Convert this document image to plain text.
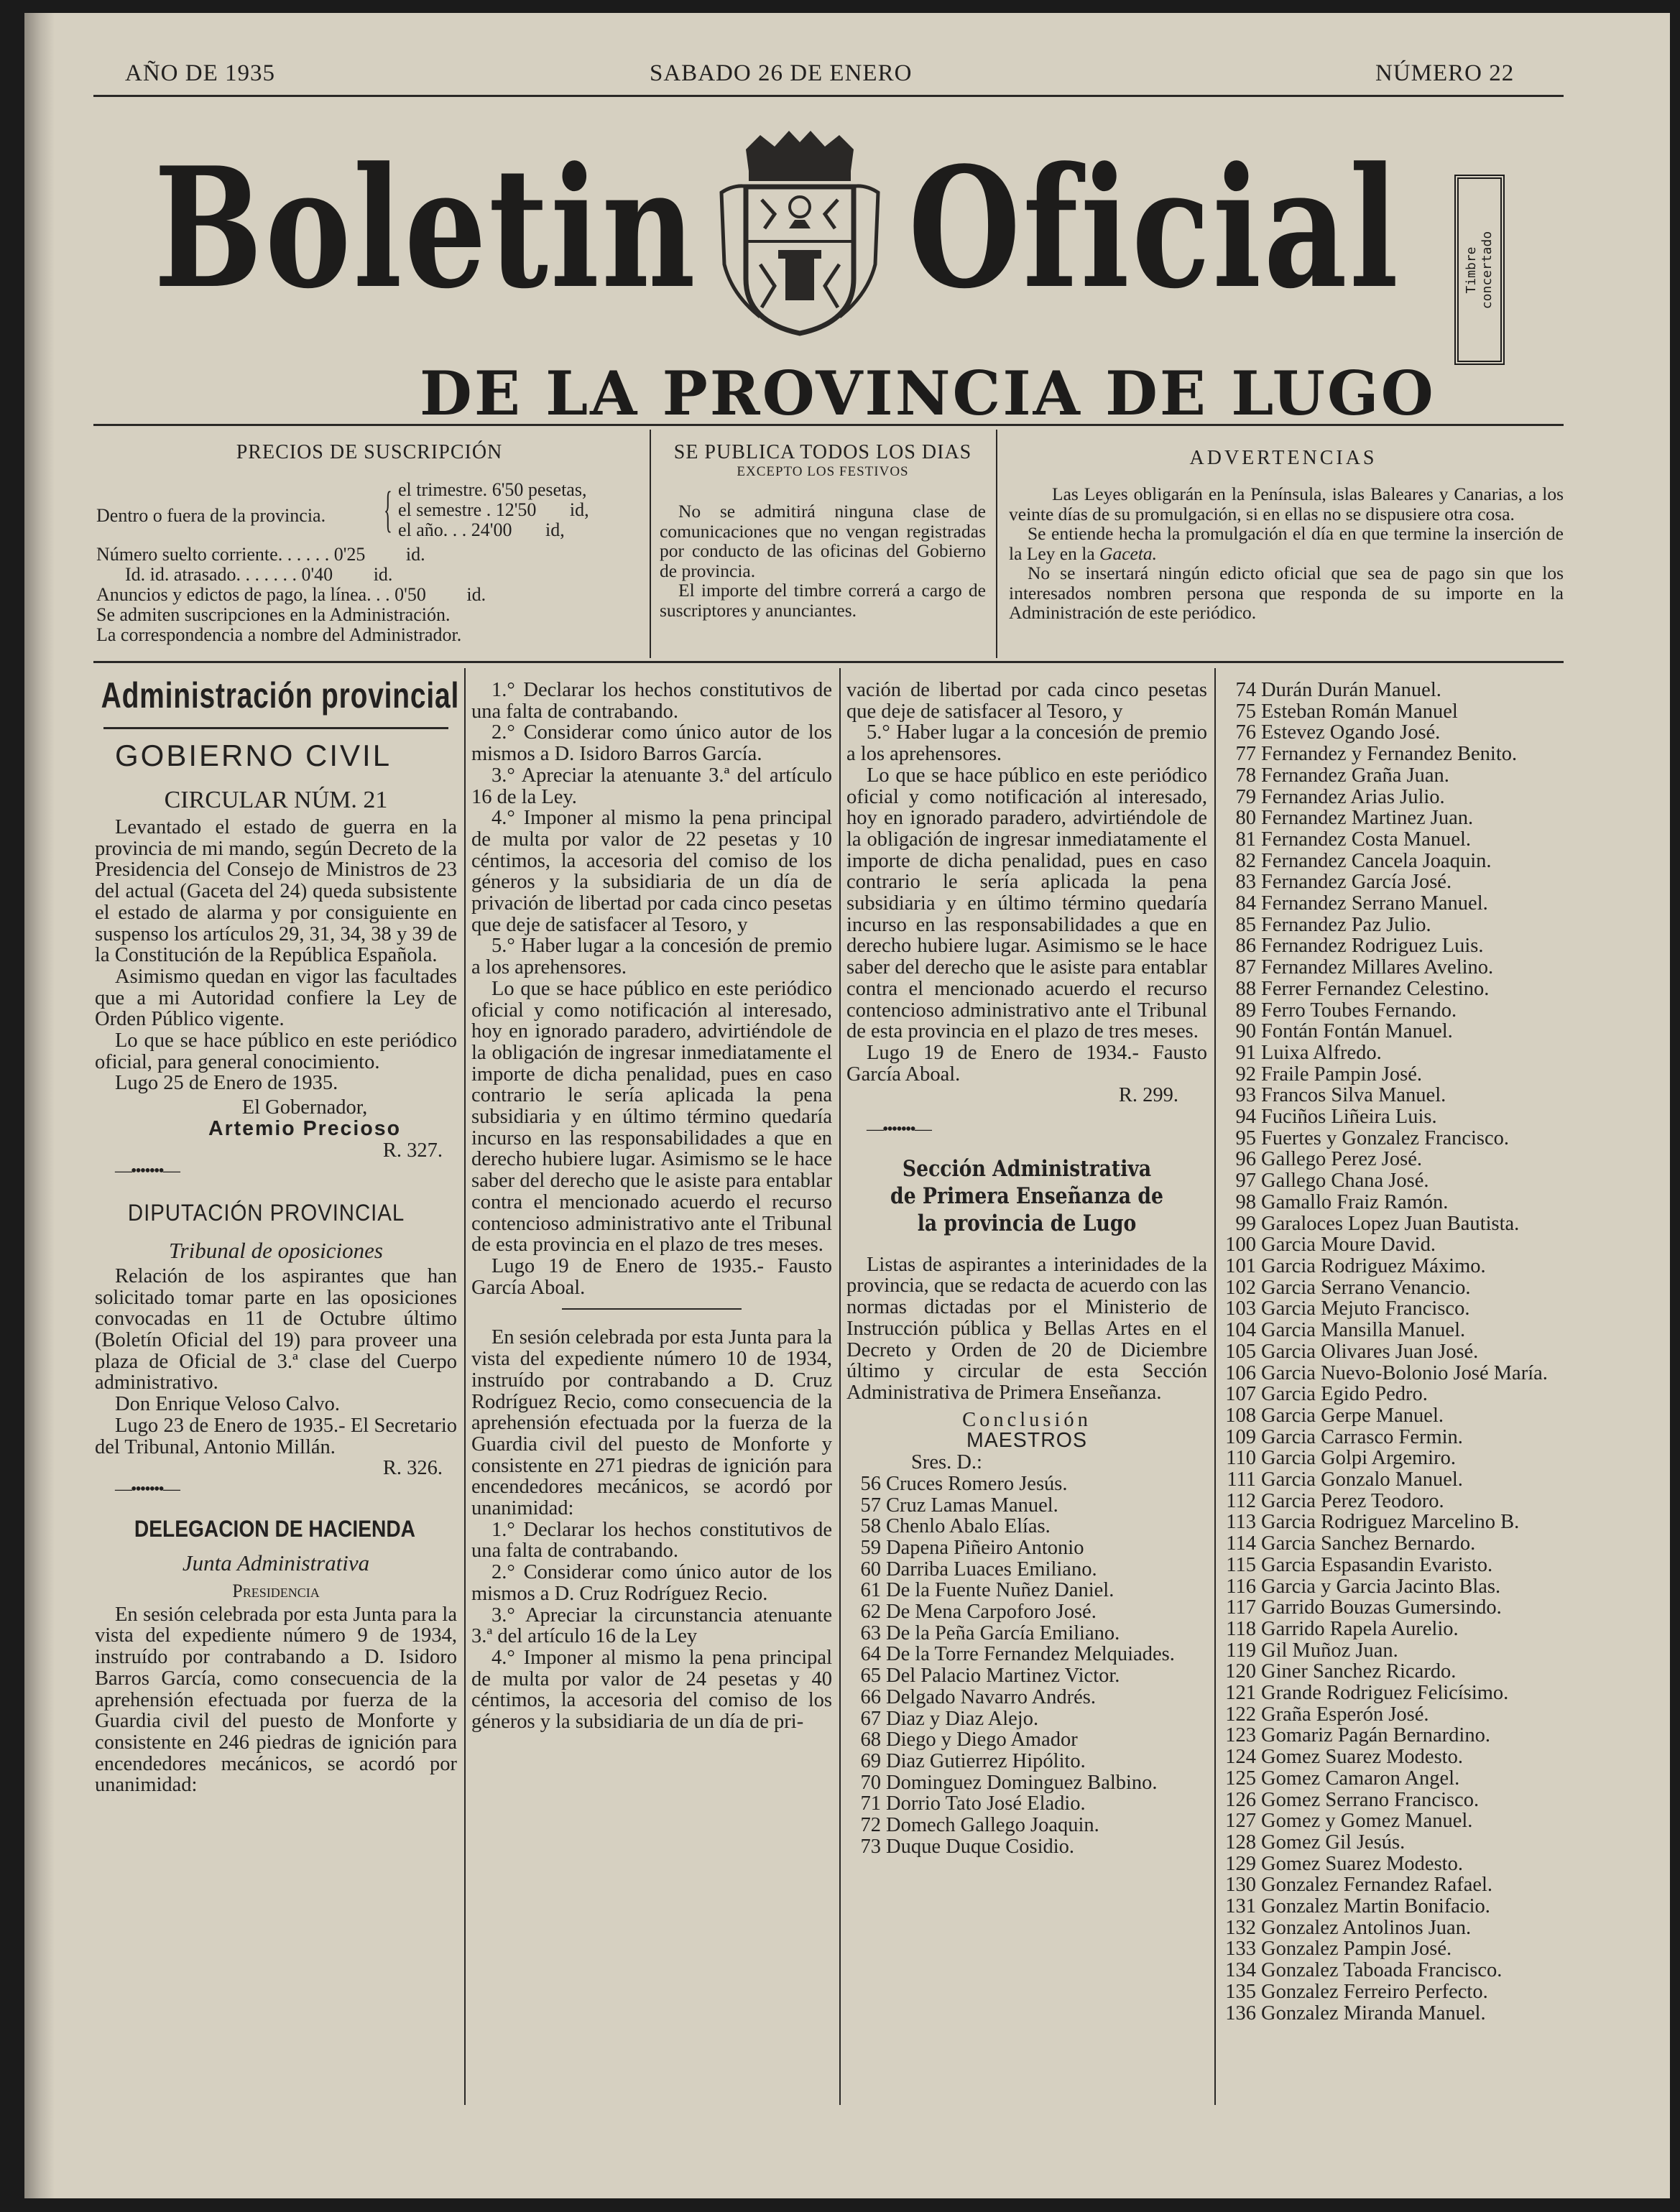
AÑO DE 1935	SABADO 26 DE ENERO	NÚMERO 22
Boletin Oficial	Timbre concertado
DE LA PROVINCIA DE LUGO
PRECIOS DE SUSCRIPCIÓN
Dentro o fuera de la provincia. { el trimestre. 6'50 pesetas,
el semestre . 12'50 id,
el año. . . 24'00 id,
Número suelto corriente. . . . . . 0'25 id.
Id. id. atrasado. . . . . . . 0'40 id.
Anuncios y edictos de pago, la línea. . . 0'50 id.
Se admiten suscripciones en la Administración.
La correspondencia a nombre del Administrador.
SE PUBLICA TODOS LOS DIAS
EXCEPTO LOS FESTIVOS

No se admitirá ninguna clase de comunicaciones que no vengan registradas por conducto de las oficinas del Gobierno de provincia.

El importe del timbre correrá a cargo de suscriptores y anunciantes.

ADVERTENCIAS

Las Leyes obligarán en la Península, islas Baleares y Canarias, a los veinte días de su promulgación, si en ellas no se dispusiere otra cosa.

Se entiende hecha la promulgación el día en que termine la inserción de la Ley en la Gaceta.

No se insertará ningún edicto oficial que sea de pago sin que los interesados nombren persona que responda de su importe en la Administración de este periódico.

Administración provincial

GOBIERNO CIVIL

CIRCULAR NÚM. 21

Levantado el estado de guerra en la provincia de mi mando, según Decreto de la Presidencia del Consejo de Ministros de 23 del actual (Gaceta del 24) queda subsistente el estado de alarma y por consiguiente en suspenso los artículos 29, 31, 34, 38 y 39 de la Constitución de la República Española.

Asimismo quedan en vigor las facultades que a mi Autoridad confiere la Ley de Orden Público vigente.

Lo que se hace público en este periódico oficial, para general conocimiento.

Lugo 25 de Enero de 1935.

El Gobernador,

Artemio Precioso

R. 327.

—•••••••—

DIPUTACIÓN PROVINCIAL

Tribunal de oposiciones

Relación de los aspirantes que han solicitado tomar parte en las oposiciones convocadas en 11 de Octubre último (Boletín Oficial del 19) para proveer una plaza de Oficial de 3.ª clase del Cuerpo administrativo.

Don Enrique Veloso Calvo.

Lugo 23 de Enero de 1935.- El Secretario del Tribunal, Antonio Millán.

R. 326.

—•••••••—

DELEGACION DE HACIENDA

Junta Administrativa

Presidencia

En sesión celebrada por esta Junta para la vista del expediente número 9 de 1934, instruído por contrabando a D. Isidoro Barros García, como consecuencia de la aprehensión efectuada por fuerza de la Guardia civil del puesto de Monforte y consistente en 246 piedras de ignición para encendedores mecánicos, se acordó por unanimidad:

1.° Declarar los hechos constitutivos de una falta de contrabando.

2.° Considerar como único autor de los mismos a D. Isidoro Barros García.

3.° Apreciar la atenuante 3.ª del artículo 16 de la Ley.

4.° Imponer al mismo la pena principal de multa por valor de 22 pesetas y 10 céntimos, la accesoria del comiso de los géneros y la subsidiaria de un día de privación de libertad por cada cinco pesetas que deje de satisfacer al Tesoro, y

5.° Haber lugar a la concesión de premio a los aprehensores.

Lo que se hace público en este periódico oficial y como notificación al interesado, hoy en ignorado paradero, advirtiéndole de la obligación de ingresar inmediatamente el importe de dicha penalidad, pues en caso contrario le sería aplicada la pena subsidiaria y en último término quedaría incurso en las responsabilidades a que en derecho hubiere lugar. Asimismo se le hace saber del derecho que le asiste para entablar contra el mencionado acuerdo el recurso contencioso administrativo ante el Tribunal de esta provincia en el plazo de tres meses.

Lugo 19 de Enero de 1935.- Fausto García Aboal.

En sesión celebrada por esta Junta para la vista del expediente número 10 de 1934, instruído por contrabando a D. Cruz Rodríguez Recio, como consecuencia de la aprehensión efectuada por la fuerza de la Guardia civil del puesto de Monforte y consistente en 271 piedras de ignición para encendedores mecánicos, se acordó por unanimidad:

1.° Declarar los hechos constitutivos de una falta de contrabando.

2.° Considerar como único autor de los mismos a D. Cruz Rodríguez Recio.

3.° Apreciar la circunstancia atenuante 3.ª del artículo 16 de la Ley

4.° Imponer al mismo la pena principal de multa por valor de 24 pesetas y 40 céntimos, la accesoria del comiso de los géneros y la subsidiaria de un día de pri-

vación de libertad por cada cinco pesetas que deje de satisfacer al Tesoro, y

5.° Haber lugar a la concesión de premio a los aprehensores.

Lo que se hace público en este periódico oficial y como notificación al interesado, hoy en ignorado paradero, advirtiéndole de la obligación de ingresar inmediatamente el importe de dicha penalidad, pues en caso contrario le sería aplicada la pena subsidiaria y en último término quedaría incurso en las responsabilidades a que en derecho hubiere lugar. Asimismo se le hace saber del derecho que le asiste para entablar contra el mencionado acuerdo el recurso contencioso administrativo ante el Tribunal de esta provincia en el plazo de tres meses.

Lugo 19 de Enero de 1934.- Fausto García Aboal.

R. 299.

—•••••••—

Sección Administrativa de Primera Enseñanza de la provincia de Lugo

Listas de aspirantes a interinidades de la provincia, que se redacta de acuerdo con las normas dictadas por el Ministerio de Instrucción pública y Bellas Artes en el Decreto y Orden de 20 de Diciembre último y circular de esta Sección Administrativa de Primera Enseñanza.

Conclusión

MAESTROS

Sres. D.:

56 Cruces Romero Jesús.
57 Cruz Lamas Manuel.
58 Chenlo Abalo Elías.
59 Dapena Piñeiro Antonio
60 Darriba Luaces Emiliano.
61 De la Fuente Nuñez Daniel.
62 De Mena Carpoforo José.
63 De la Peña García Emiliano.
64 De la Torre Fernandez Melquiades.
65 Del Palacio Martinez Victor.
66 Delgado Navarro Andrés.
67 Diaz y Diaz Alejo.
68 Diego y Diego Amador
69 Diaz Gutierrez Hipólito.
70 Dominguez Dominguez Balbino.
71 Dorrio Tato José Eladio.
72 Domech Gallego Joaquin.
73 Duque Duque Cosidio.
74 Durán Durán Manuel.
75 Esteban Román Manuel
76 Estevez Ogando José.
77 Fernandez y Fernandez Benito.
78 Fernandez Graña Juan.
79 Fernandez Arias Julio.
80 Fernandez Martinez Juan.
81 Fernandez Costa Manuel.
82 Fernandez Cancela Joaquin.
83 Fernandez García José.
84 Fernandez Serrano Manuel.
85 Fernandez Paz Julio.
86 Fernandez Rodriguez Luis.
87 Fernandez Millares Avelino.
88 Ferrer Fernandez Celestino.
89 Ferro Toubes Fernando.
90 Fontán Fontán Manuel.
91 Luixa Alfredo.
92 Fraile Pampin José.
93 Francos Silva Manuel.
94 Fuciños Liñeira Luis.
95 Fuertes y Gonzalez Francisco.
96 Gallego Perez José.
97 Gallego Chana José.
98 Gamallo Fraiz Ramón.
99 Garaloces Lopez Juan Bautista.
100 Garcia Moure David.
101 Garcia Rodriguez Máximo.
102 Garcia Serrano Venancio.
103 Garcia Mejuto Francisco.
104 Garcia Mansilla Manuel.
105 Garcia Olivares Juan José.
106 Garcia Nuevo-Bolonio José María.
107 Garcia Egido Pedro.
108 Garcia Gerpe Manuel.
109 Garcia Carrasco Fermin.
110 Garcia Golpi Argemiro.
111 Garcia Gonzalo Manuel.
112 Garcia Perez Teodoro.
113 Garcia Rodriguez Marcelino B.
114 Garcia Sanchez Bernardo.
115 Garcia Espasandin Evaristo.
116 Garcia y Garcia Jacinto Blas.
117 Garrido Bouzas Gumersindo.
118 Garrido Rapela Aurelio.
119 Gil Muñoz Juan.
120 Giner Sanchez Ricardo.
121 Grande Rodriguez Felicísimo.
122 Graña Esperón José.
123 Gomariz Pagán Bernardino.
124 Gomez Suarez Modesto.
125 Gomez Camaron Angel.
126 Gomez Serrano Francisco.
127 Gomez y Gomez Manuel.
128 Gomez Gil Jesús.
129 Gomez Suarez Modesto.
130 Gonzalez Fernandez Rafael.
131 Gonzalez Martin Bonifacio.
132 Gonzalez Antolinos Juan.
133 Gonzalez Pampin José.
134 Gonzalez Taboada Francisco.
135 Gonzalez Ferreiro Perfecto.
136 Gonzalez Miranda Manuel.
